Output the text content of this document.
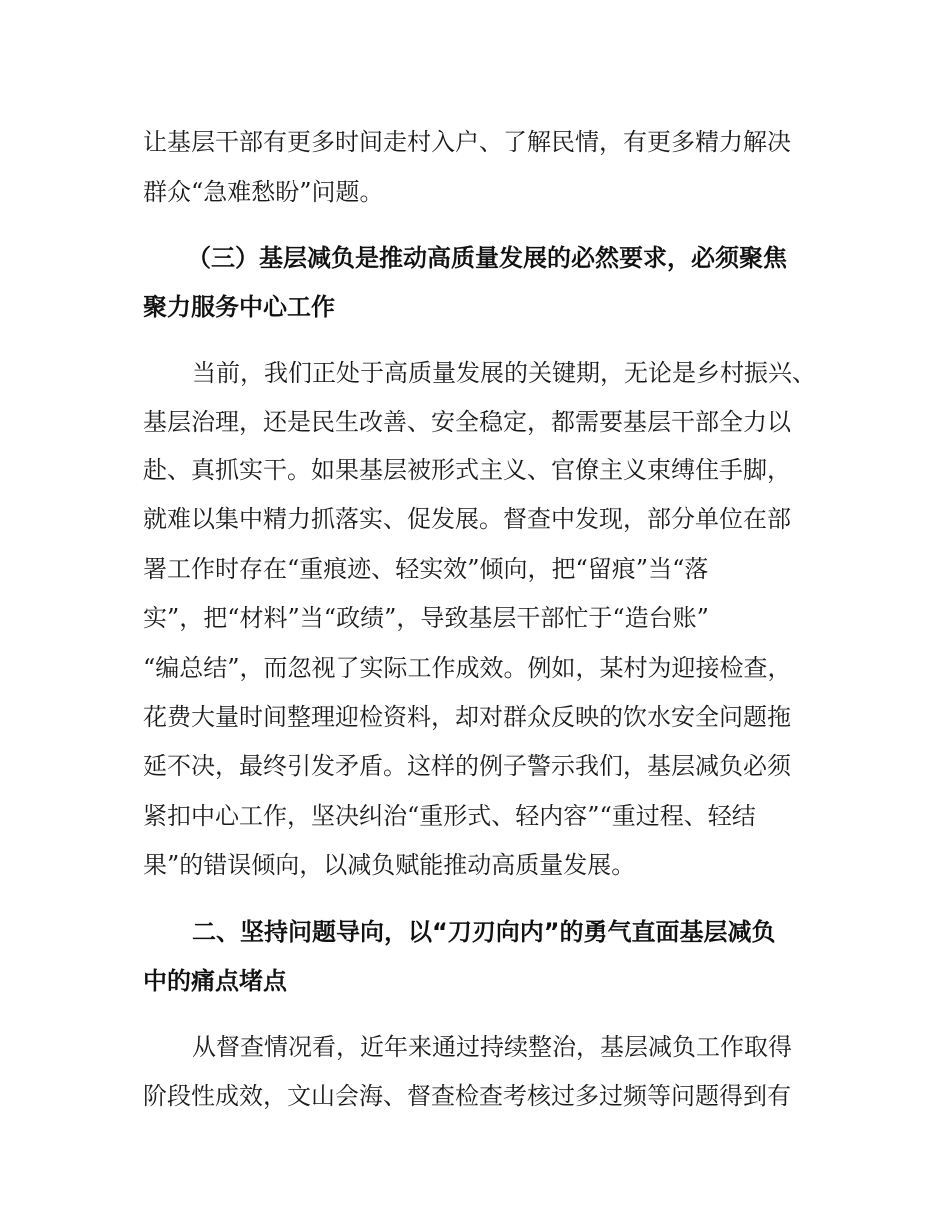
让基层干部有更多时间走村入户、了解民情，有更多精力解决
群众“急难愁盼”问题。
（三）基层减负是推动高质量发展的必然要求，必须聚焦
聚力服务中心工作
当前，我们正处于高质量发展的关键期，无论是乡村振兴、
基层治理，还是民生改善、安全稳定，都需要基层干部全力以
赴、真抓实干。如果基层被形式主义、官僚主义束缚住手脚，
就难以集中精力抓落实、促发展。督查中发现，部分单位在部
署工作时存在“重痕迹、轻实效”倾向，把“留痕”当“落
实”，把“材料”当“政绩”，导致基层干部忙于“造台账”
“编总结”，而忽视了实际工作成效。例如，某村为迎接检查，
花费大量时间整理迎检资料，却对群众反映的饮水安全问题拖
延不决，最终引发矛盾。这样的例子警示我们，基层减负必须
紧扣中心工作，坚决纠治“重形式、轻内容”“重过程、轻结
果”的错误倾向，以减负赋能推动高质量发展。
二、坚持问题导向，以“刀刃向内”的勇气直面基层减负
中的痛点堵点
从督查情况看，近年来通过持续整治，基层减负工作取得
阶段性成效，文山会海、督查检查考核过多过频等问题得到有
